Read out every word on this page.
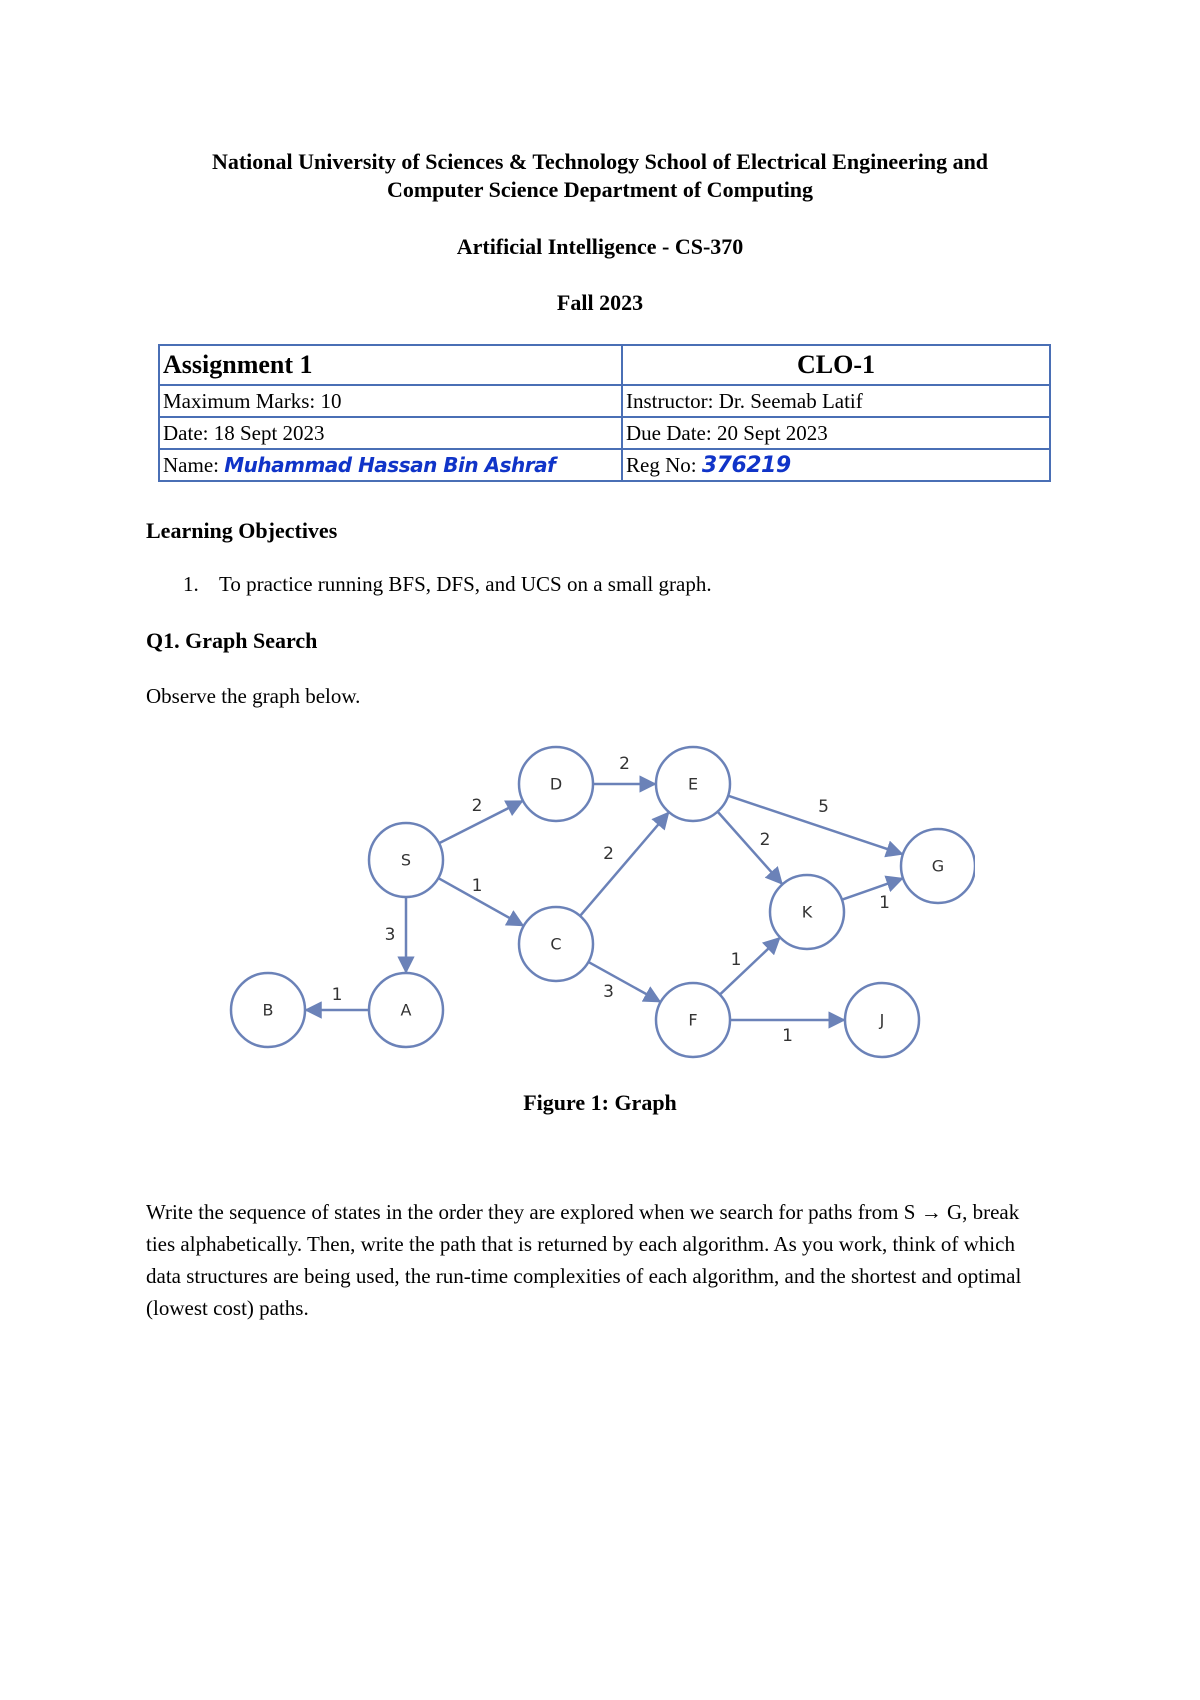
National University of Sciences & Technology School of Electrical Engineering and

Computer Science Department of Computing

Artificial Intelligence - CS-370

Fall 2023

Assignment 1	CLO-1
Maximum Marks: 10	Instructor: Dr. Seemab Latif
Date: 18 Sept 2023	Due Date: 20 Sept 2023
Name: Muhammad Hassan Bin Ashraf	Reg No: 376219

Learning Objectives

1. To practice running BFS, DFS, and UCS on a small graph.

Q1. Graph Search

Observe the graph below.

2
1
3
1
2
2
3
5
2
1
1
1
S
D	E
G
K
C
F	J
A
B

Figure 1: Graph

Write the sequence of states in the order they are explored when we search for paths from S → G, break ties alphabetically. Then, write the path that is returned by each algorithm. As you work, think of which data structures are being used, the run-time complexities of each algorithm, and the shortest and optimal (lowest cost) paths.
